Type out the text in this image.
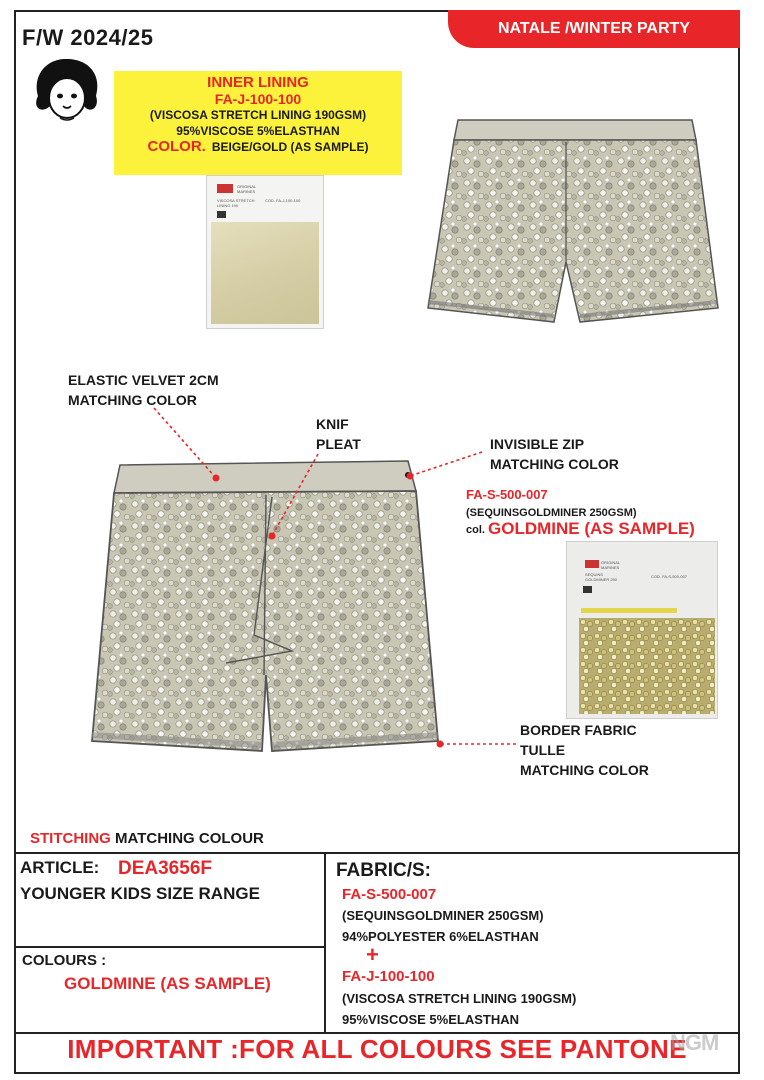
F/W 2024/25	NATALE /WINTER PARTY
INNER LINING
FA-J-100-100
(VISCOSA STRETCH LINING 190GSM)
95%VISCOSE 5%ELASTHAN
COLOR. BEIGE/GOLD (AS SAMPLE)
ORIGINAL
MARINES
VISCOSA STRETCH
LINING 190
COD. FA-J-100-100
ELASTIC VELVET 2CM
MATCHING COLOR
KNIF
PLEAT	INVISIBLE ZIP
MATCHING COLOR
BORDER FABRIC
TULLE
MATCHING COLOR
FA-S-500-007
(SEQUINSGOLDMINER 250GSM)
col. GOLDMINE (AS SAMPLE)
ORIGINAL
MARINES
SEQUINS
GOLDMINER 250
COD. FA-S-500-007
STITCHING MATCHING COLOUR
ARTICLE: DEA3656F
YOUNGER KIDS SIZE RANGE
COLOURS :
GOLDMINE (AS SAMPLE)
FABRIC/S:
FA-S-500-007
(SEQUINSGOLDMINER 250GSM)
94%POLYESTER 6%ELASTHAN
+
FA-J-100-100
(VISCOSA STRETCH LINING 190GSM)
95%VISCOSE 5%ELASTHAN
IMPORTANT :FOR ALL COLOURS SEE PANTONE
NGM
